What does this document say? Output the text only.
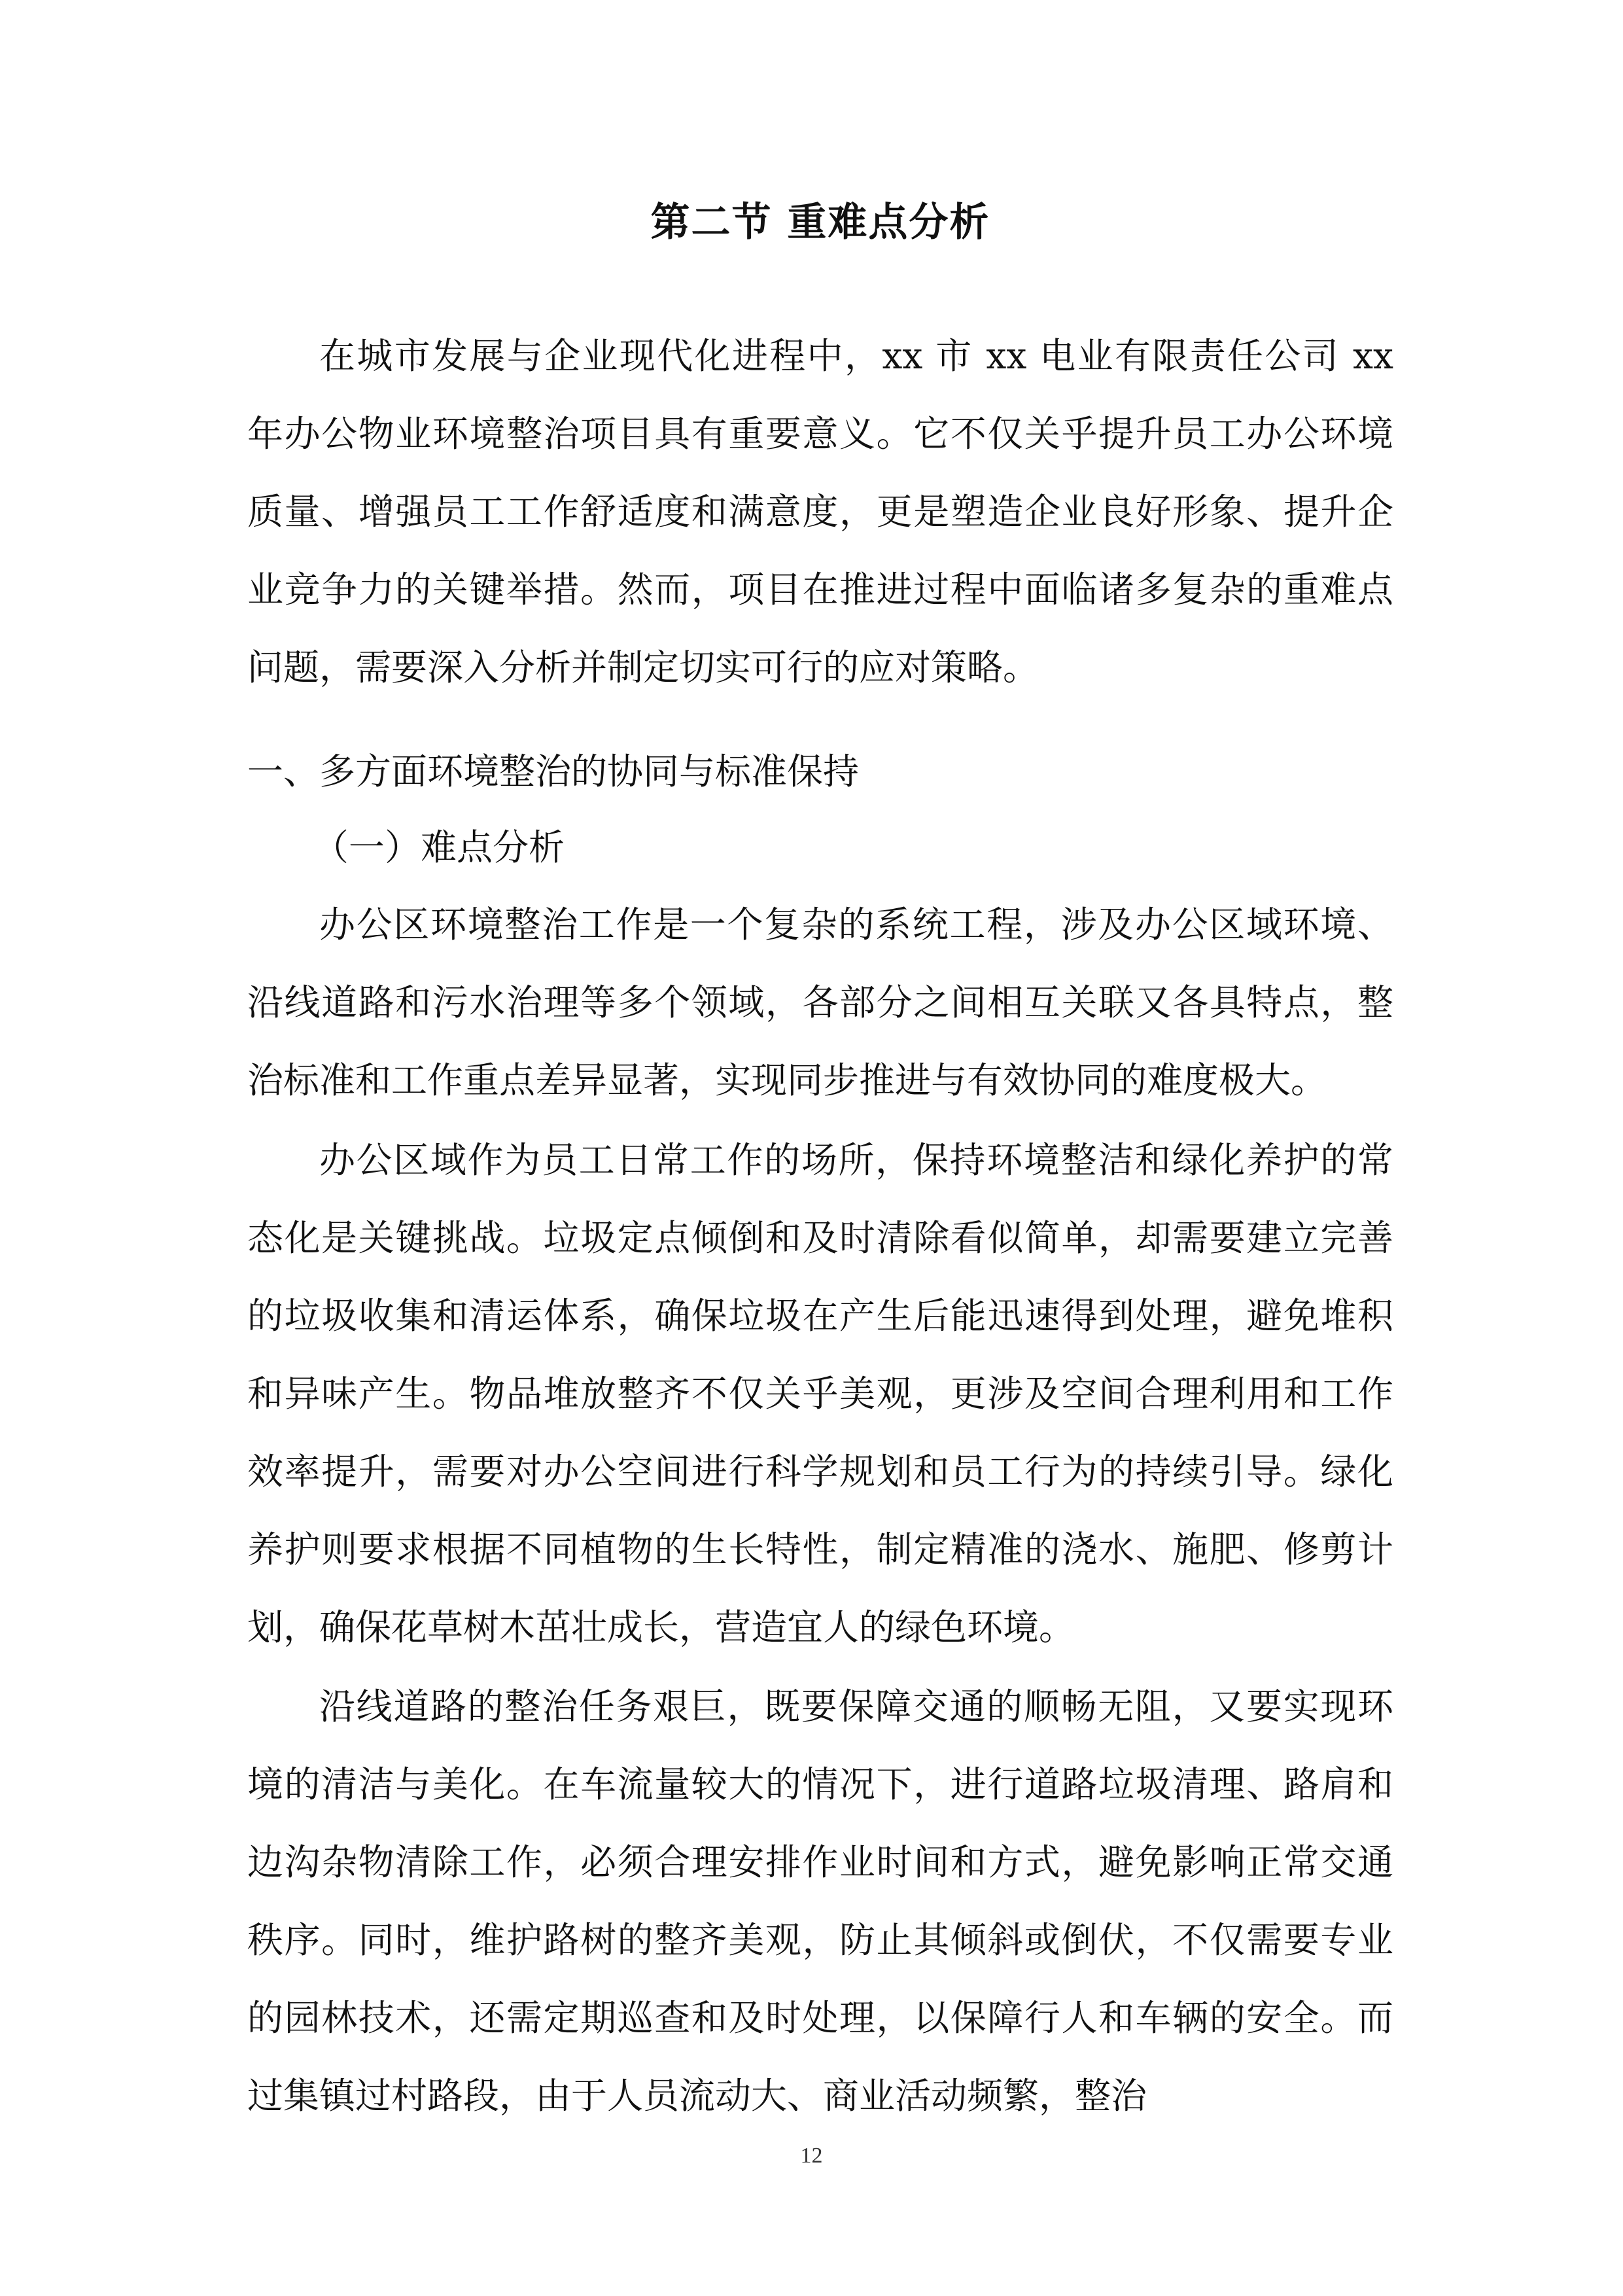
第二节 重难点分析

在城市发展与企业现代化进程中，xx 市 xx 电业有限责任公司 xx 年办公物业环境整治项目具有重要意义。它不仅关乎提升员工办公环境质量、增强员工工作舒适度和满意度，更是塑造企业良好形象、提升企业竞争力的关键举措。然而，项目在推进过程中面临诸多复杂的重难点问题，需要深入分析并制定切实可行的应对策略。

一、多方面环境整治的协同与标准保持

（一）难点分析

办公区环境整治工作是一个复杂的系统工程，涉及办公区域环境、沿线道路和污水治理等多个领域，各部分之间相互关联又各具特点，整治标准和工作重点差异显著，实现同步推进与有效协同的难度极大。

办公区域作为员工日常工作的场所，保持环境整洁和绿化养护的常态化是关键挑战。垃圾定点倾倒和及时清除看似简单，却需要建立完善的垃圾收集和清运体系，确保垃圾在产生后能迅速得到处理，避免堆积和异味产生。物品堆放整齐不仅关乎美观，更涉及空间合理利用和工作效率提升，需要对办公空间进行科学规划和员工行为的持续引导。绿化养护则要求根据不同植物的生长特性，制定精准的浇水、施肥、修剪计划，确保花草树木茁壮成长，营造宜人的绿色环境。

沿线道路的整治任务艰巨，既要保障交通的顺畅无阻，又要实现环境的清洁与美化。在车流量较大的情况下，进行道路垃圾清理、路肩和边沟杂物清除工作，必须合理安排作业时间和方式，避免影响正常交通秩序。同时，维护路树的整齐美观，防止其倾斜或倒伏，不仅需要专业的园林技术，还需定期巡查和及时处理，以保障行人和车辆的安全。而过集镇过村路段，由于人员流动大、商业活动频繁，整治

12
